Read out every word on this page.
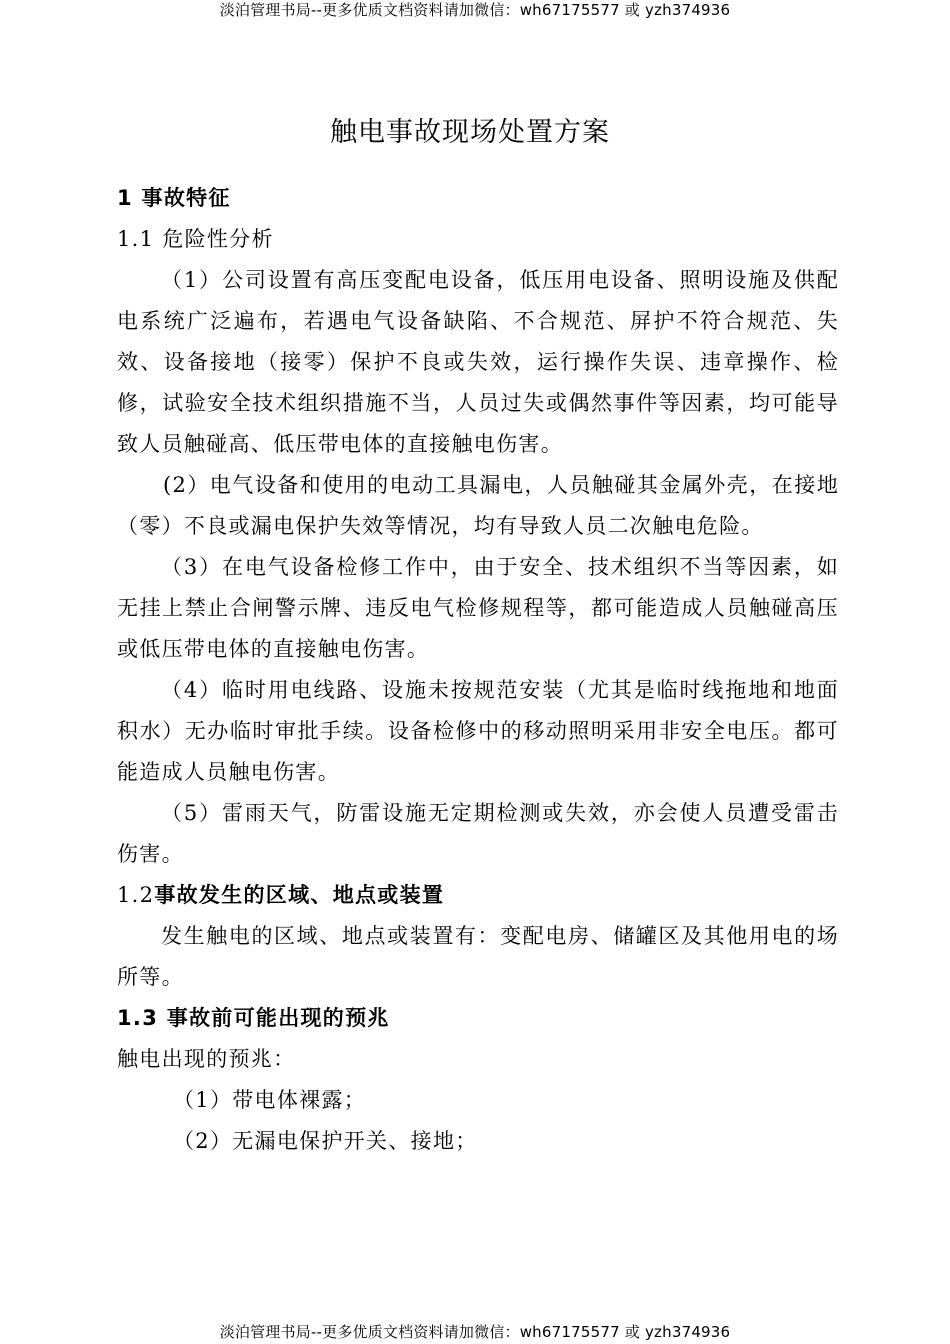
淡泊管理书局--更多优质文档资料请加微信：wh67175577 或 yzh374936
触电事故现场处置方案

1 事故特征

1.1 危险性分析

（1）公司设置有高压变配电设备，低压用电设备、照明设施及供配电系统广泛遍布，若遇电气设备缺陷、不合规范、屏护不符合规范、失效、设备接地（接零）保护不良或失效，运行操作失误、违章操作、检修，试验安全技术组织措施不当，人员过失或偶然事件等因素，均可能导致人员触碰高、低压带电体的直接触电伤害。

(2）电气设备和使用的电动工具漏电，人员触碰其金属外壳，在接地（零）不良或漏电保护失效等情况，均有导致人员二次触电危险。

（3）在电气设备检修工作中，由于安全、技术组织不当等因素，如无挂上禁止合闸警示牌、违反电气检修规程等，都可能造成人员触碰高压或低压带电体的直接触电伤害。

（4）临时用电线路、设施未按规范安装（尤其是临时线拖地和地面积水）无办临时审批手续。设备检修中的移动照明采用非安全电压。都可能造成人员触电伤害。

（5）雷雨天气，防雷设施无定期检测或失效，亦会使人员遭受雷击伤害。

1.2事故发生的区域、地点或装置

发生触电的区域、地点或装置有：变配电房、储罐区及其他用电的场所等。

1.3 事故前可能出现的预兆

触电出现的预兆：

（1）带电体裸露；

（2）无漏电保护开关、接地；

淡泊管理书局--更多优质文档资料请加微信：wh67175577 或 yzh374936
